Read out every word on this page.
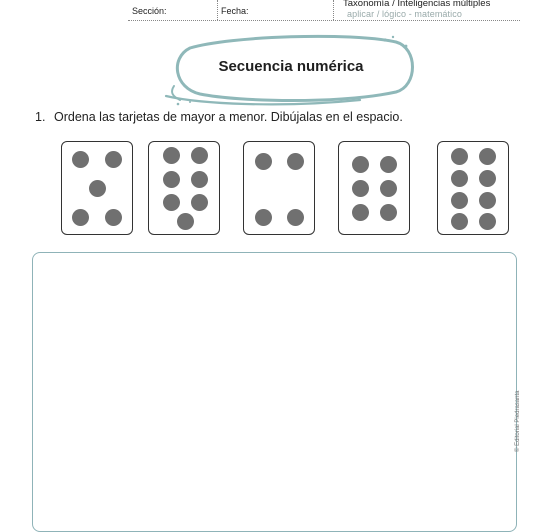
Sección:	Fecha:
Taxonomía / Inteligencias múltiples
aplicar / lógico - matemático
Secuencia numérica
1. Ordena las tarjetas de mayor a menor. Dibújalas en el espacio.
© Editorial Piedrasanta
